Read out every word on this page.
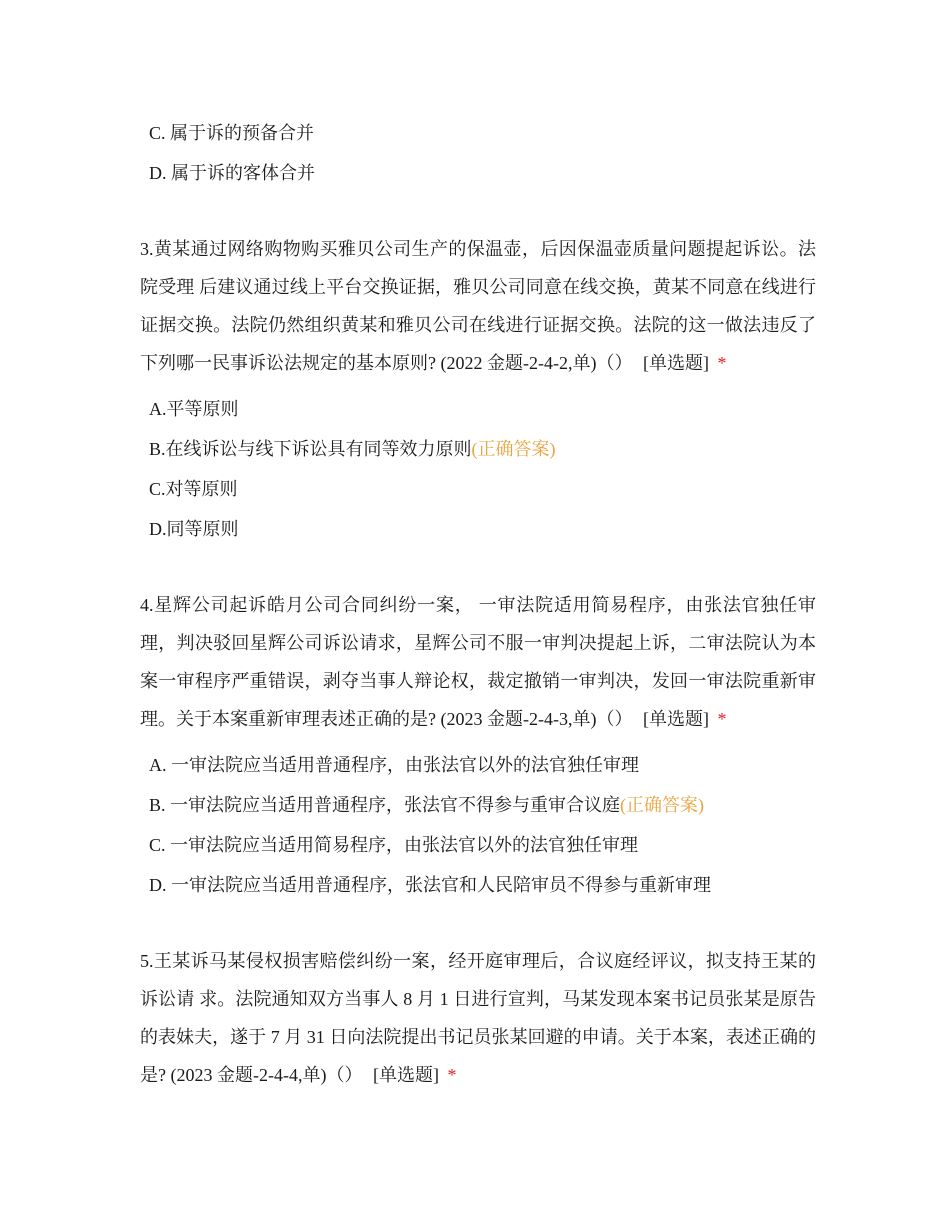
C. 属于诉的预备合并
D. 属于诉的客体合并
3.黄某通过网络购物购买雅贝公司生产的保温壶，后因保温壶质量问题提起诉讼。法院受理 后建议通过线上平台交换证据，雅贝公司同意在线交换，黄某不同意在线进行证据交换。法院仍然组织黄某和雅贝公司在线进行证据交换。法院的这一做法违反了下列哪一民事诉讼法规定的基本原则? (2022 金题-2-4-2,单)（） [单选题] *
A.平等原则
B.在线诉讼与线下诉讼具有同等效力原则(正确答案)
C.对等原则
D.同等原则
4.星辉公司起诉皓月公司合同纠纷一案， 一审法院适用简易程序，由张法官独任审理，判决驳回星辉公司诉讼请求，星辉公司不服一审判决提起上诉，二审法院认为本案一审程序严重错误，剥夺当事人辩论权，裁定撤销一审判决，发回一审法院重新审理。关于本案重新审理表述正确的是? (2023 金题-2-4-3,单)（） [单选题] *
A. 一审法院应当适用普通程序，由张法官以外的法官独任审理
B. 一审法院应当适用普通程序，张法官不得参与重审合议庭(正确答案)
C. 一审法院应当适用简易程序，由张法官以外的法官独任审理
D. 一审法院应当适用普通程序，张法官和人民陪审员不得参与重新审理
5.王某诉马某侵权损害赔偿纠纷一案，经开庭审理后，合议庭经评议，拟支持王某的诉讼请 求。法院通知双方当事人 8 月 1 日进行宣判，马某发现本案书记员张某是原告的表妹夫，遂于 7 月 31 日向法院提出书记员张某回避的申请。关于本案，表述正确的是? (2023 金题-2-4-4,单)（） [单选题] *
